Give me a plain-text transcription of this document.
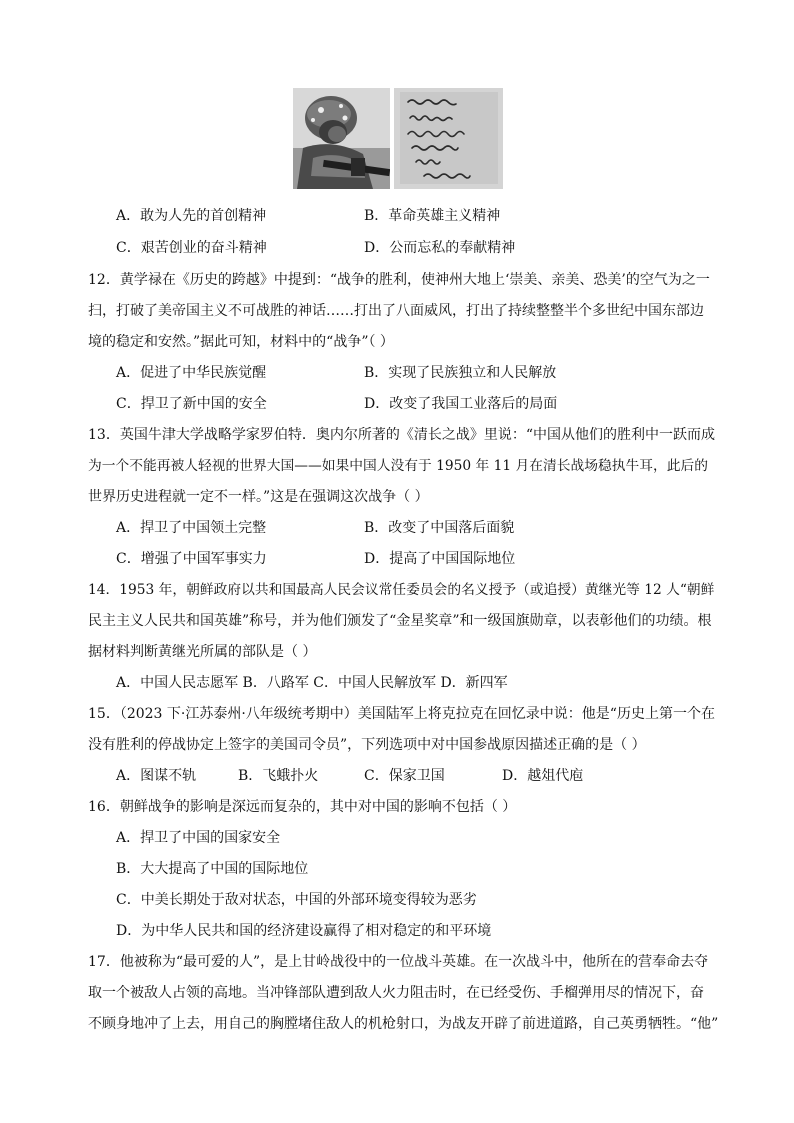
A．敢为人先的首创精神	B．革命英雄主义精神
C．艰苦创业的奋斗精神	D．公而忘私的奉献精神
12．黄学禄在《历史的跨越》中提到：“战争的胜利，使神州大地上‘崇美、亲美、恐美’的空气为之一
扫，打破了美帝国主义不可战胜的神话……打出了八面威风，打出了持续整整半个多世纪中国东部边
境的稳定和安然。”据此可知，材料中的“战争”（ ）
A．促进了中华民族觉醒	B．实现了民族独立和人民解放
C．捍卫了新中国的安全	D．改变了我国工业落后的局面
13．英国牛津大学战略学家罗伯特．奥内尔所著的《清长之战》里说：“中国从他们的胜利中一跃而成
为一个不能再被人轻视的世界大国——如果中国人没有于 1950 年 11 月在清长战场稳执牛耳，此后的
世界历史进程就一定不一样。”这是在强调这次战争（ ）
A．捍卫了中国领土完整	B．改变了中国落后面貌
C．增强了中国军事实力	D．提高了中国国际地位
14．1953 年，朝鲜政府以共和国最高人民会议常任委员会的名义授予（或追授）黄继光等 12 人“朝鲜
民主主义人民共和国英雄”称号，并为他们颁发了“金星奖章”和一级国旗勋章，以表彰他们的功绩。根
据材料判断黄继光所属的部队是（ ）
A．中国人民志愿军 B．八路军 C．中国人民解放军 D．新四军
15．（2023 下·江苏泰州·八年级统考期中）美国陆军上将克拉克在回忆录中说：他是“历史上第一个在
没有胜利的停战协定上签字的美国司令员”，下列选项中对中国参战原因描述正确的是（ ）
A．图谋不轨	B．飞蛾扑火	C．保家卫国	D．越俎代庖
16．朝鲜战争的影响是深远而复杂的，其中对中国的影响不包括（ ）
A．捍卫了中国的国家安全
B．大大提高了中国的国际地位
C．中美长期处于敌对状态，中国的外部环境变得较为恶劣
D．为中华人民共和国的经济建设赢得了相对稳定的和平环境
17．他被称为“最可爱的人”，是上甘岭战役中的一位战斗英雄。在一次战斗中，他所在的营奉命去夺
取一个被敌人占领的高地。当冲锋部队遭到敌人火力阻击时，在已经受伤、手榴弹用尽的情况下，奋
不顾身地冲了上去，用自己的胸膛堵住敌人的机枪射口，为战友开辟了前进道路，自己英勇牺牲。“他”
